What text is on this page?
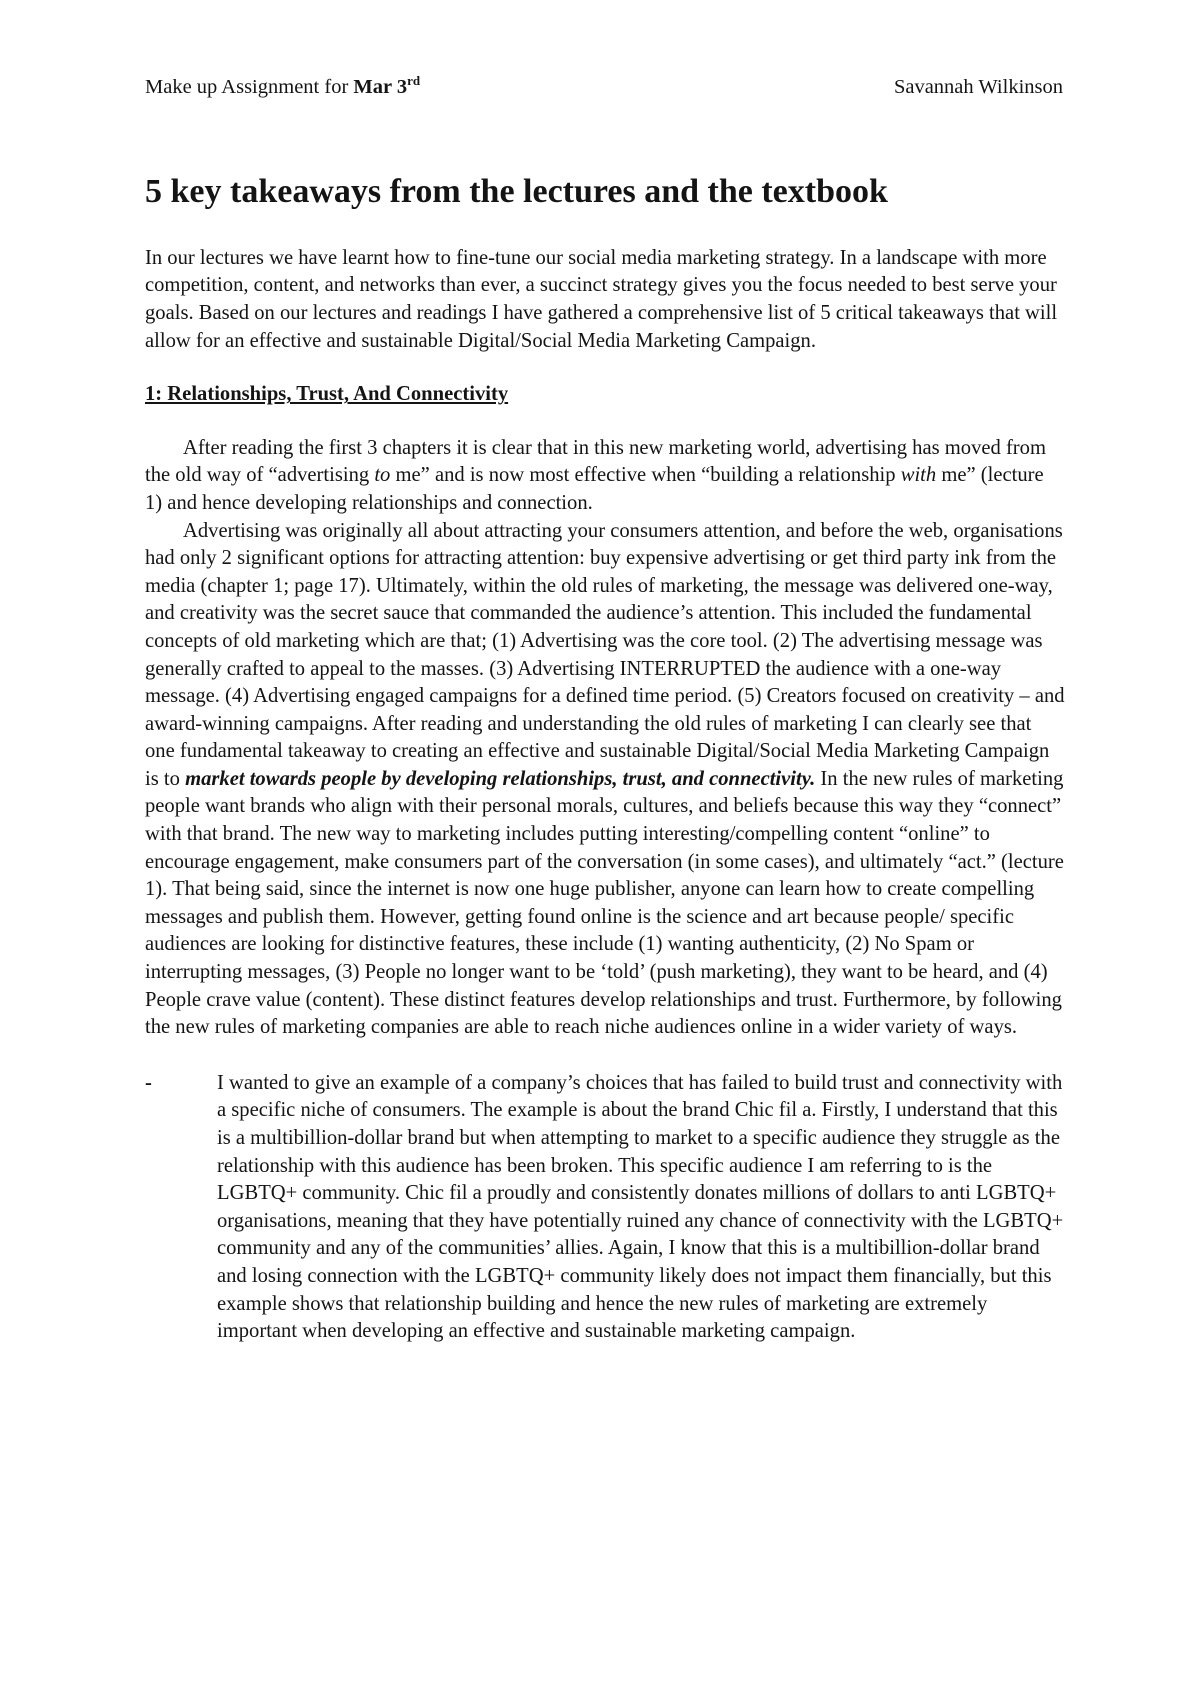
Make up Assignment for Mar 3rd	Savannah Wilkinson
5 key takeaways from the lectures and the textbook

In our lectures we have learnt how to fine-tune our social media marketing strategy. In a landscape with more competition, content, and networks than ever, a succinct strategy gives you the focus needed to best serve your goals. Based on our lectures and readings I have gathered a comprehensive list of 5 critical takeaways that will allow for an effective and sustainable Digital/Social Media Marketing Campaign.

1: Relationships, Trust, And Connectivity

After reading the first 3 chapters it is clear that in this new marketing world, advertising has moved from the old way of “advertising to me” and is now most effective when “building a relationship with me” (lecture 1) and hence developing relationships and connection.

Advertising was originally all about attracting your consumers attention, and before the web, organisations had only 2 significant options for attracting attention: buy expensive advertising or get third party ink from the media (chapter 1; page 17). Ultimately, within the old rules of marketing, the message was delivered one-way, and creativity was the secret sauce that commanded the audience’s attention. This included the fundamental concepts of old marketing which are that; (1) Advertising was the core tool. (2) The advertising message was generally crafted to appeal to the masses. (3) Advertising INTERRUPTED the audience with a one-way message. (4) Advertising engaged campaigns for a defined time period. (5) Creators focused on creativity – and award-winning campaigns. After reading and understanding the old rules of marketing I can clearly see that one fundamental takeaway to creating an effective and sustainable Digital/Social Media Marketing Campaign is to market towards people by developing relationships, trust, and connectivity. In the new rules of marketing people want brands who align with their personal morals, cultures, and beliefs because this way they “connect” with that brand. The new way to marketing includes putting interesting/compelling content “online” to encourage engagement, make consumers part of the conversation (in some cases), and ultimately “act.” (lecture 1). That being said, since the internet is now one huge publisher, anyone can learn how to create compelling messages and publish them. However, getting found online is the science and art because people/ specific audiences are looking for distinctive features, these include (1) wanting authenticity, (2) No Spam or interrupting messages, (3) People no longer want to be ‘told’ (push marketing), they want to be heard, and (4) People crave value (content). These distinct features develop relationships and trust. Furthermore, by following the new rules of marketing companies are able to reach niche audiences online in a wider variety of ways.

-	I wanted to give an example of a company’s choices that has failed to build trust and connectivity with a specific niche of consumers. The example is about the brand Chic fil a. Firstly, I understand that this is a multibillion-dollar brand but when attempting to market to a specific audience they struggle as the relationship with this audience has been broken. This specific audience I am referring to is the LGBTQ+ community. Chic fil a proudly and consistently donates millions of dollars to anti LGBTQ+ organisations, meaning that they have potentially ruined any chance of connectivity with the LGBTQ+ community and any of the communities’ allies. Again, I know that this is a multibillion-dollar brand and losing connection with the LGBTQ+ community likely does not impact them financially, but this example shows that relationship building and hence the new rules of marketing are extremely important when developing an effective and sustainable marketing campaign.
